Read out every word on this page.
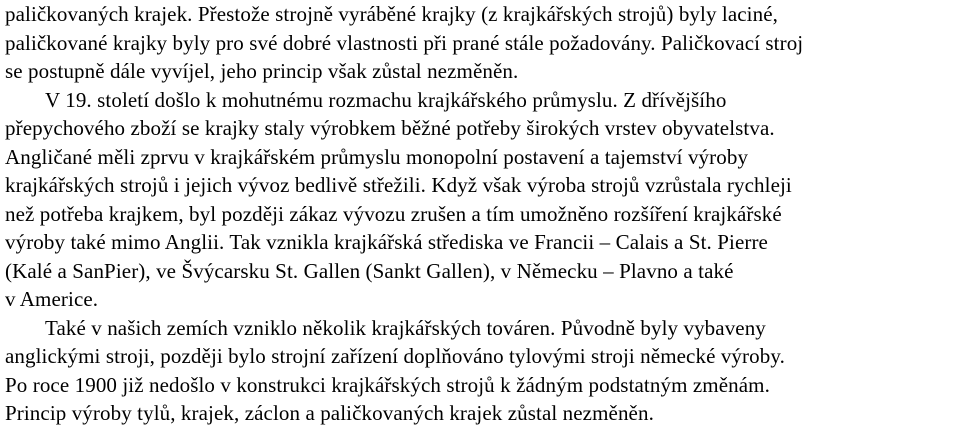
paličkovaných krajek. Přestože strojně vyráběné krajky (z krajkářských strojů) byly laciné,
paličkované krajky byly pro své dobré vlastnosti při prané stále požadovány. Paličkovací stroj
se postupně dále vyvíjel, jeho princip však zůstal nezměněn.
V 19. století došlo k mohutnému rozmachu krajkářského průmyslu. Z dřívějšího
přepychového zboží se krajky staly výrobkem běžné potřeby širokých vrstev obyvatelstva.
Angličané měli zprvu v krajkářském průmyslu monopolní postavení a tajemství výroby
krajkářských strojů i jejich vývoz bedlivě střežili. Když však výroba strojů vzrůstala rychleji
než potřeba krajkem, byl později zákaz vývozu zrušen a tím umožněno rozšíření krajkářské
výroby také mimo Anglii. Tak vznikla krajkářská střediska ve Francii – Calais a St. Pierre
(Kalé a SanPier), ve Švýcarsku St. Gallen (Sankt Gallen), v Německu – Plavno a také
v Americe.
Také v našich zemích vzniklo několik krajkářských továren. Původně byly vybaveny
anglickými stroji, později bylo strojní zařízení doplňováno tylovými stroji německé výroby.
Po roce 1900 již nedošlo v konstrukci krajkářských strojů k žádným podstatným změnám.
Princip výroby tylů, krajek, záclon a paličkovaných krajek zůstal nezměněn.
